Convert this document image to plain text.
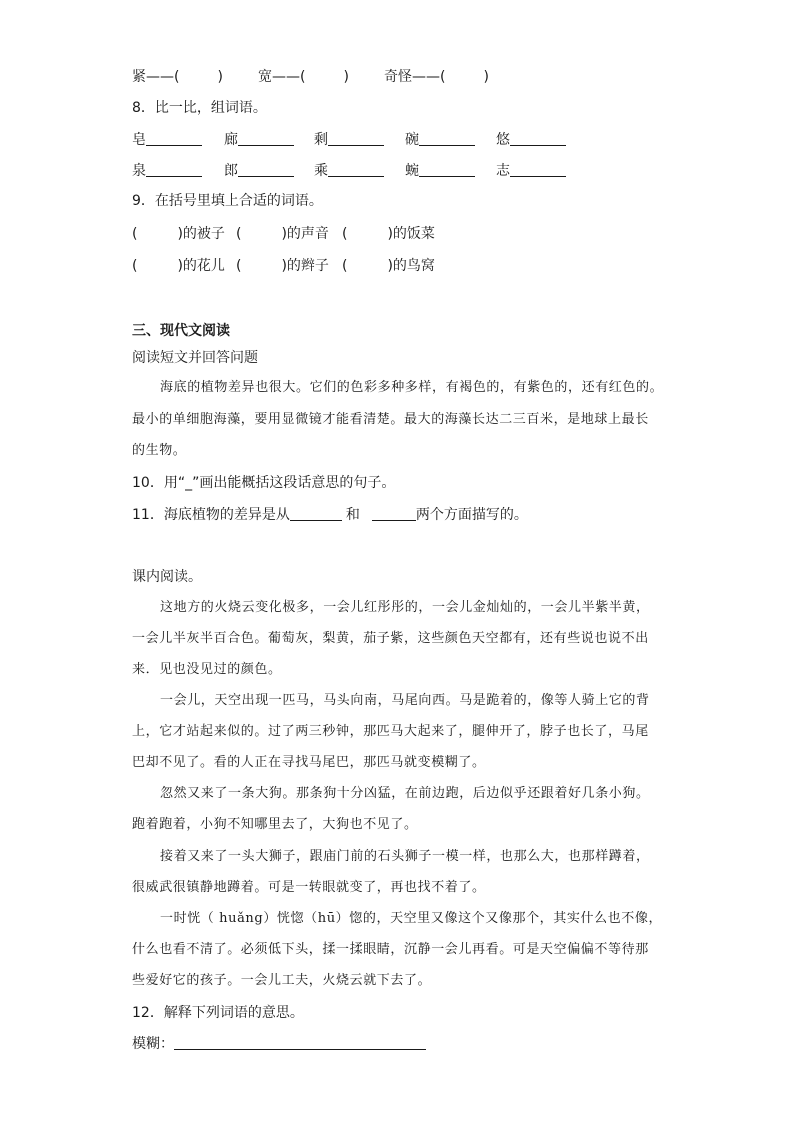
紧——(	)	宽——(	)	奇怪——(	)
8．比一比，组词语。
皂	廊	剩	碗	悠
泉	郎	乘	蜿	志
9．在括号里填上合适的词语。
(	)的被子 (	)的声音 (	)的饭菜
(	)的花儿 (	)的辫子 (	)的鸟窝
三、现代文阅读
阅读短文并回答问题
海底的植物差异也很大。它们的色彩多种多样，有褐色的，有紫色的，还有红色的。
最小的单细胞海藻，要用显微镜才能看清楚。最大的海藻长达二三百米，是地球上最长
的生物。
10．用“_”画出能概括这段话意思的句子。
11．海底植物的差异是从	和	两个方面描写的。
课内阅读。
这地方的火烧云变化极多，一会儿红彤彤的，一会儿金灿灿的，一会儿半紫半黄，
一会儿半灰半百合色。葡萄灰，梨黄，茄子紫，这些颜色天空都有，还有些说也说不出
来．见也没见过的颜色。
一会儿，天空出现一匹马，马头向南，马尾向西。马是跪着的，像等人骑上它的背
上，它才站起来似的。过了两三秒钟，那匹马大起来了，腿伸开了，脖子也长了，马尾
巴却不见了。看的人正在寻找马尾巴，那匹马就变模糊了。
忽然又来了一条大狗。那条狗十分凶猛，在前边跑，后边似乎还跟着好几条小狗。
跑着跑着，小狗不知哪里去了，大狗也不见了。
接着又来了一头大狮子，跟庙门前的石头狮子一模一样，也那么大，也那样蹲着，
很威武很镇静地蹲着。可是一转眼就变了，再也找不着了。
一时恍（ huǎng）恍惚（hū）惚的，天空里又像这个又像那个，其实什么也不像，
什么也看不清了。必须低下头，揉一揉眼睛，沉静一会儿再看。可是天空偏偏不等待那
些爱好它的孩子。一会儿工夫，火烧云就下去了。
12．解释下列词语的意思。
模糊：
